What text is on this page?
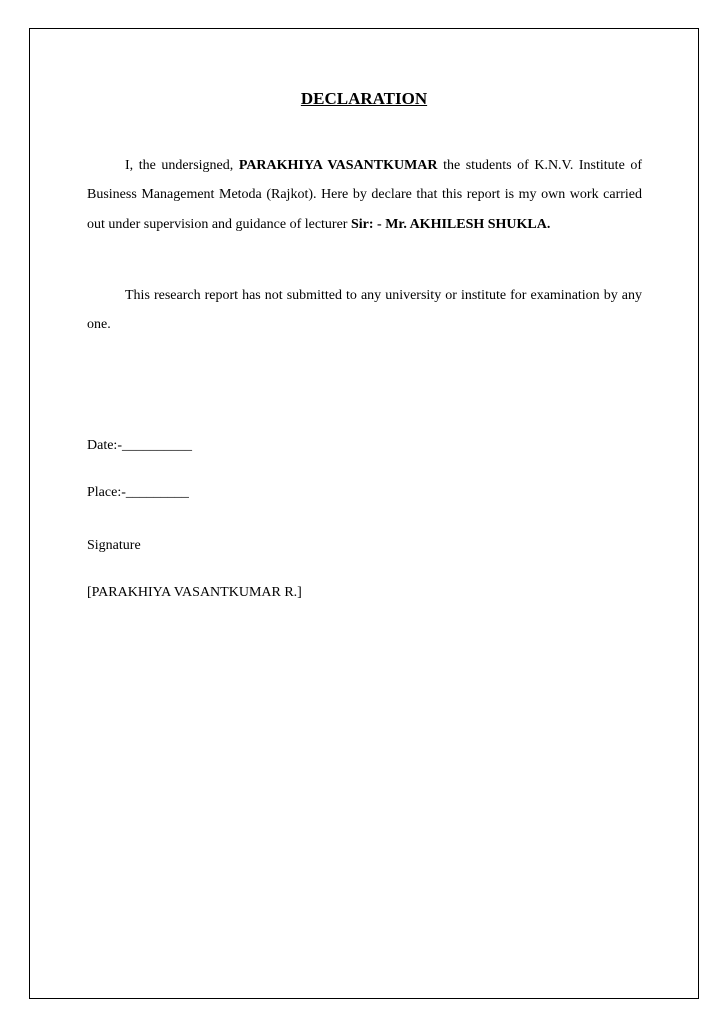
DECLARATION

I, the undersigned, PARAKHIYA VASANTKUMAR the students of K.N.V. Institute of Business Management Metoda (Rajkot). Here by declare that this report is my own work carried out under supervision and guidance of lecturer Sir: - Mr. AKHILESH SHUKLA.

This research report has not submitted to any university or institute for examination by any one.

Date:-__________
Place:-_________
Signature
[PARAKHIYA VASANTKUMAR R.]
